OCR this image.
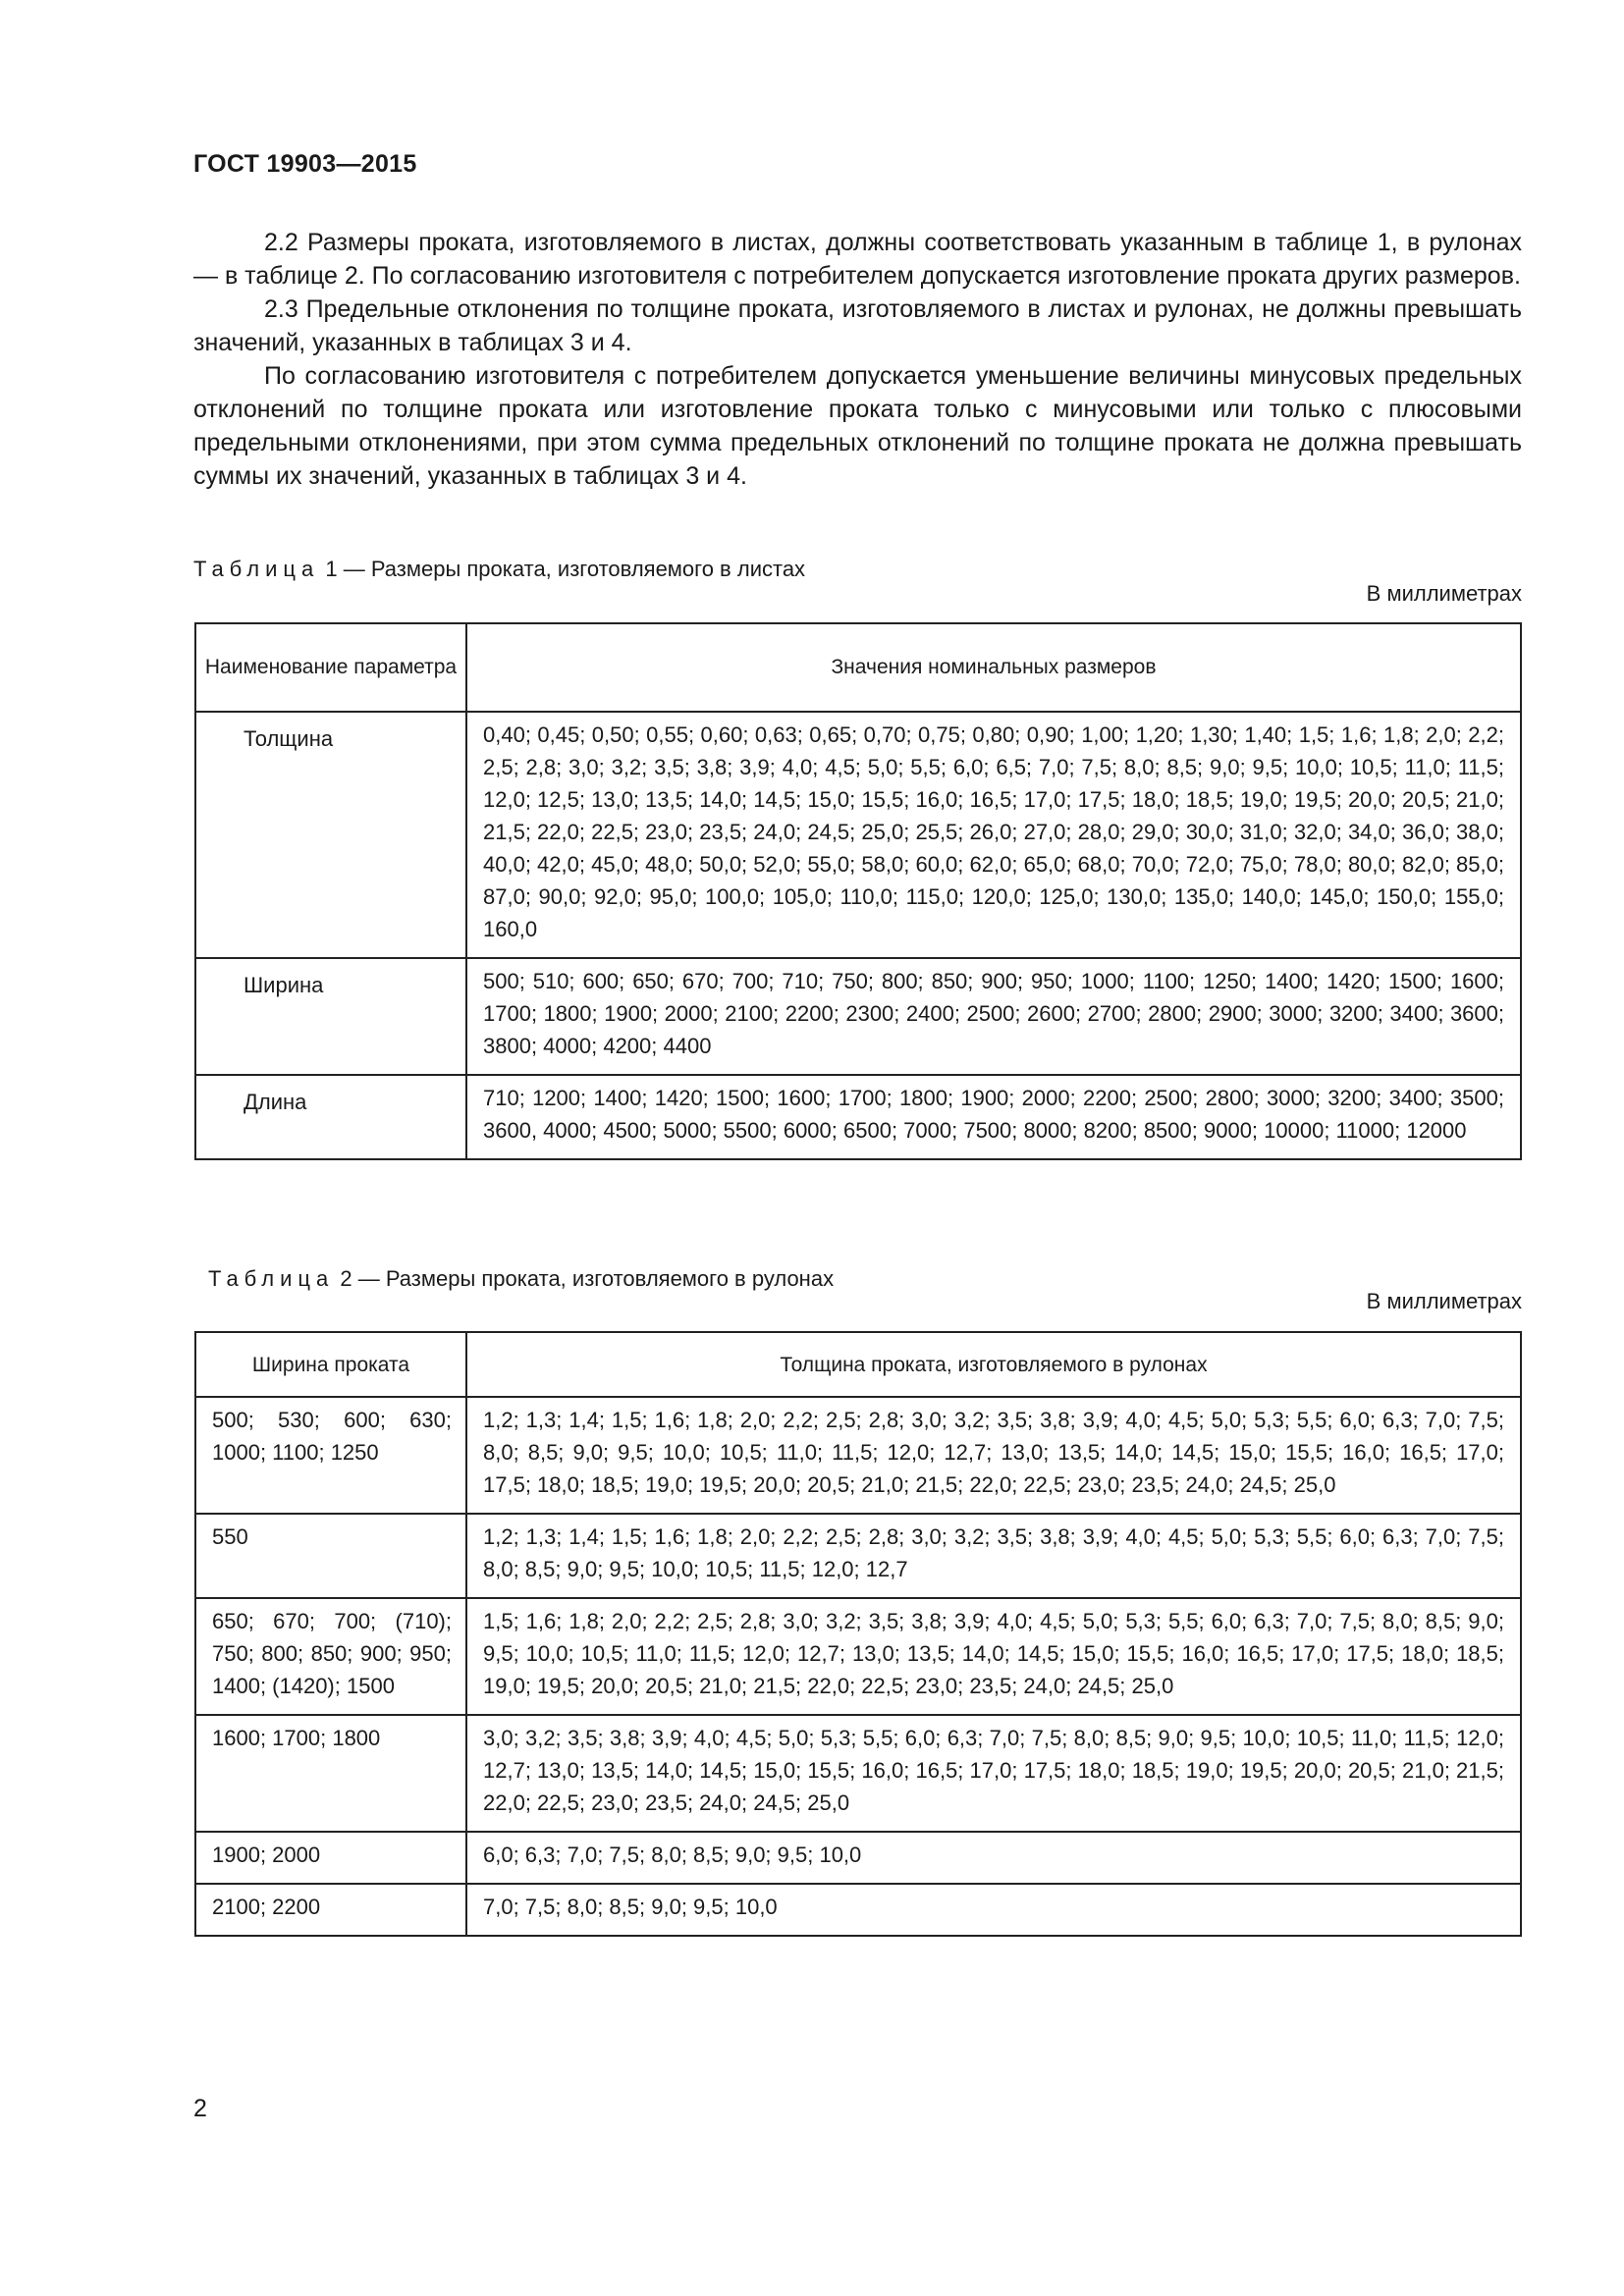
ГОСТ 19903—2015

2.2 Размеры проката, изготовляемого в листах, должны соответствовать указанным в таблице 1, в рулонах — в таблице 2. По согласованию изготовителя с потребителем допускается изготовление проката других размеров.

2.3 Предельные отклонения по толщине проката, изготовляемого в листах и рулонах, не должны превышать значений, указанных в таблицах 3 и 4.

По согласованию изготовителя с потребителем допускается уменьшение величины минусовых предельных отклонений по толщине проката или изготовление проката только с минусовыми или только с плюсовыми предельными отклонениями, при этом сумма предельных отклонений по толщине проката не должна превышать суммы их значений, указанных в таблицах 3 и 4.

Таблица 1 — Размеры проката, изготовляемого в листах
В миллиметрах
Наименование параметра	Значения номинальных размеров
Толщина	0,40; 0,45; 0,50; 0,55; 0,60; 0,63; 0,65; 0,70; 0,75; 0,80; 0,90; 1,00; 1,20; 1,30; 1,40; 1,5; 1,6; 1,8; 2,0; 2,2; 2,5; 2,8; 3,0; 3,2; 3,5; 3,8; 3,9; 4,0; 4,5; 5,0; 5,5; 6,0; 6,5; 7,0; 7,5; 8,0; 8,5; 9,0; 9,5; 10,0; 10,5; 11,0; 11,5; 12,0; 12,5; 13,0; 13,5; 14,0; 14,5; 15,0; 15,5; 16,0; 16,5; 17,0; 17,5; 18,0; 18,5; 19,0; 19,5; 20,0; 20,5; 21,0; 21,5; 22,0; 22,5; 23,0; 23,5; 24,0; 24,5; 25,0; 25,5; 26,0; 27,0; 28,0; 29,0; 30,0; 31,0; 32,0; 34,0; 36,0; 38,0; 40,0; 42,0; 45,0; 48,0; 50,0; 52,0; 55,0; 58,0; 60,0; 62,0; 65,0; 68,0; 70,0; 72,0; 75,0; 78,0; 80,0; 82,0; 85,0; 87,0; 90,0; 92,0; 95,0; 100,0; 105,0; 110,0; 115,0; 120,0; 125,0; 130,0; 135,0; 140,0; 145,0; 150,0; 155,0; 160,0
Ширина	500; 510; 600; 650; 670; 700; 710; 750; 800; 850; 900; 950; 1000; 1100; 1250; 1400; 1420; 1500; 1600; 1700; 1800; 1900; 2000; 2100; 2200; 2300; 2400; 2500; 2600; 2700; 2800; 2900; 3000; 3200; 3400; 3600; 3800; 4000; 4200; 4400
Длина	710; 1200; 1400; 1420; 1500; 1600; 1700; 1800; 1900; 2000; 2200; 2500; 2800; 3000; 3200; 3400; 3500; 3600, 4000; 4500; 5000; 5500; 6000; 6500; 7000; 7500; 8000; 8200; 8500; 9000; 10000; 11000; 12000
Таблица 2 — Размеры проката, изготовляемого в рулонах
В миллиметрах
Ширина проката	Толщина проката, изготовляемого в рулонах
500; 530; 600; 630; 1000; 1100; 1250	1,2; 1,3; 1,4; 1,5; 1,6; 1,8; 2,0; 2,2; 2,5; 2,8; 3,0; 3,2; 3,5; 3,8; 3,9; 4,0; 4,5; 5,0; 5,3; 5,5; 6,0; 6,3; 7,0; 7,5; 8,0; 8,5; 9,0; 9,5; 10,0; 10,5; 11,0; 11,5; 12,0; 12,7; 13,0; 13,5; 14,0; 14,5; 15,0; 15,5; 16,0; 16,5; 17,0; 17,5; 18,0; 18,5; 19,0; 19,5; 20,0; 20,5; 21,0; 21,5; 22,0; 22,5; 23,0; 23,5; 24,0; 24,5; 25,0
550	1,2; 1,3; 1,4; 1,5; 1,6; 1,8; 2,0; 2,2; 2,5; 2,8; 3,0; 3,2; 3,5; 3,8; 3,9; 4,0; 4,5; 5,0; 5,3; 5,5; 6,0; 6,3; 7,0; 7,5; 8,0; 8,5; 9,0; 9,5; 10,0; 10,5; 11,5; 12,0; 12,7
650; 670; 700; (710); 750; 800; 850; 900; 950; 1400; (1420); 1500	1,5; 1,6; 1,8; 2,0; 2,2; 2,5; 2,8; 3,0; 3,2; 3,5; 3,8; 3,9; 4,0; 4,5; 5,0; 5,3; 5,5; 6,0; 6,3; 7,0; 7,5; 8,0; 8,5; 9,0; 9,5; 10,0; 10,5; 11,0; 11,5; 12,0; 12,7; 13,0; 13,5; 14,0; 14,5; 15,0; 15,5; 16,0; 16,5; 17,0; 17,5; 18,0; 18,5; 19,0; 19,5; 20,0; 20,5; 21,0; 21,5; 22,0; 22,5; 23,0; 23,5; 24,0; 24,5; 25,0
1600; 1700; 1800	3,0; 3,2; 3,5; 3,8; 3,9; 4,0; 4,5; 5,0; 5,3; 5,5; 6,0; 6,3; 7,0; 7,5; 8,0; 8,5; 9,0; 9,5; 10,0; 10,5; 11,0; 11,5; 12,0; 12,7; 13,0; 13,5; 14,0; 14,5; 15,0; 15,5; 16,0; 16,5; 17,0; 17,5; 18,0; 18,5; 19,0; 19,5; 20,0; 20,5; 21,0; 21,5; 22,0; 22,5; 23,0; 23,5; 24,0; 24,5; 25,0
1900; 2000	6,0; 6,3; 7,0; 7,5; 8,0; 8,5; 9,0; 9,5; 10,0
2100; 2200	7,0; 7,5; 8,0; 8,5; 9,0; 9,5; 10,0
2
